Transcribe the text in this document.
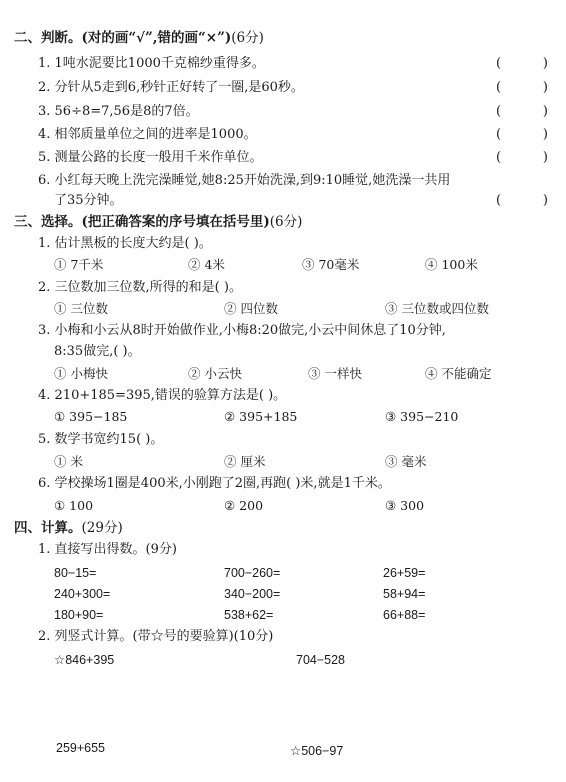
二、判断。(对的画“√”,错的画“×”)(6分)
1. 1吨水泥要比1000千克棉纱重得多。	(	)
2. 分针从5走到6,秒针正好转了一圈,是60秒。	(	)
3. 56÷8=7,56是8的7倍。	(	)
4. 相邻质量单位之间的进率是1000。	(	)
5. 测量公路的长度一般用千米作单位。	(	)
6. 小红每天晚上洗完澡睡觉,她8:25开始洗澡,到9:10睡觉,她洗澡一共用
了35分钟。	(	)
三、选择。(把正确答案的序号填在括号里)(6分)
1. 估计黑板的长度大约是( )。
① 7千米	② 4米	③ 70毫米	④ 100米
2. 三位数加三位数,所得的和是( )。
① 三位数	② 四位数	③ 三位数或四位数
3. 小梅和小云从8时开始做作业,小梅8:20做完,小云中间休息了10分钟,
8:35做完,( )。
① 小梅快	② 小云快	③ 一样快	④ 不能确定
4. 210+185=395,错误的验算方法是( )。
① 395−185	② 395+185	③ 395−210
5. 数学书宽约15( )。
① 米	② 厘米	③ 毫米
6. 学校操场1圈是400米,小刚跑了2圈,再跑( )米,就是1千米。
① 100	② 200	③ 300
四、计算。(29分)
1. 直接写出得数。(9分)
80−15=	700−260=	26+59=
240+300=	340−200=	58+94=
180+90=	538+62=	66+88=
2. 列竖式计算。(带☆号的要验算)(10分)
☆846+395	704−528
259+655	☆506−97
